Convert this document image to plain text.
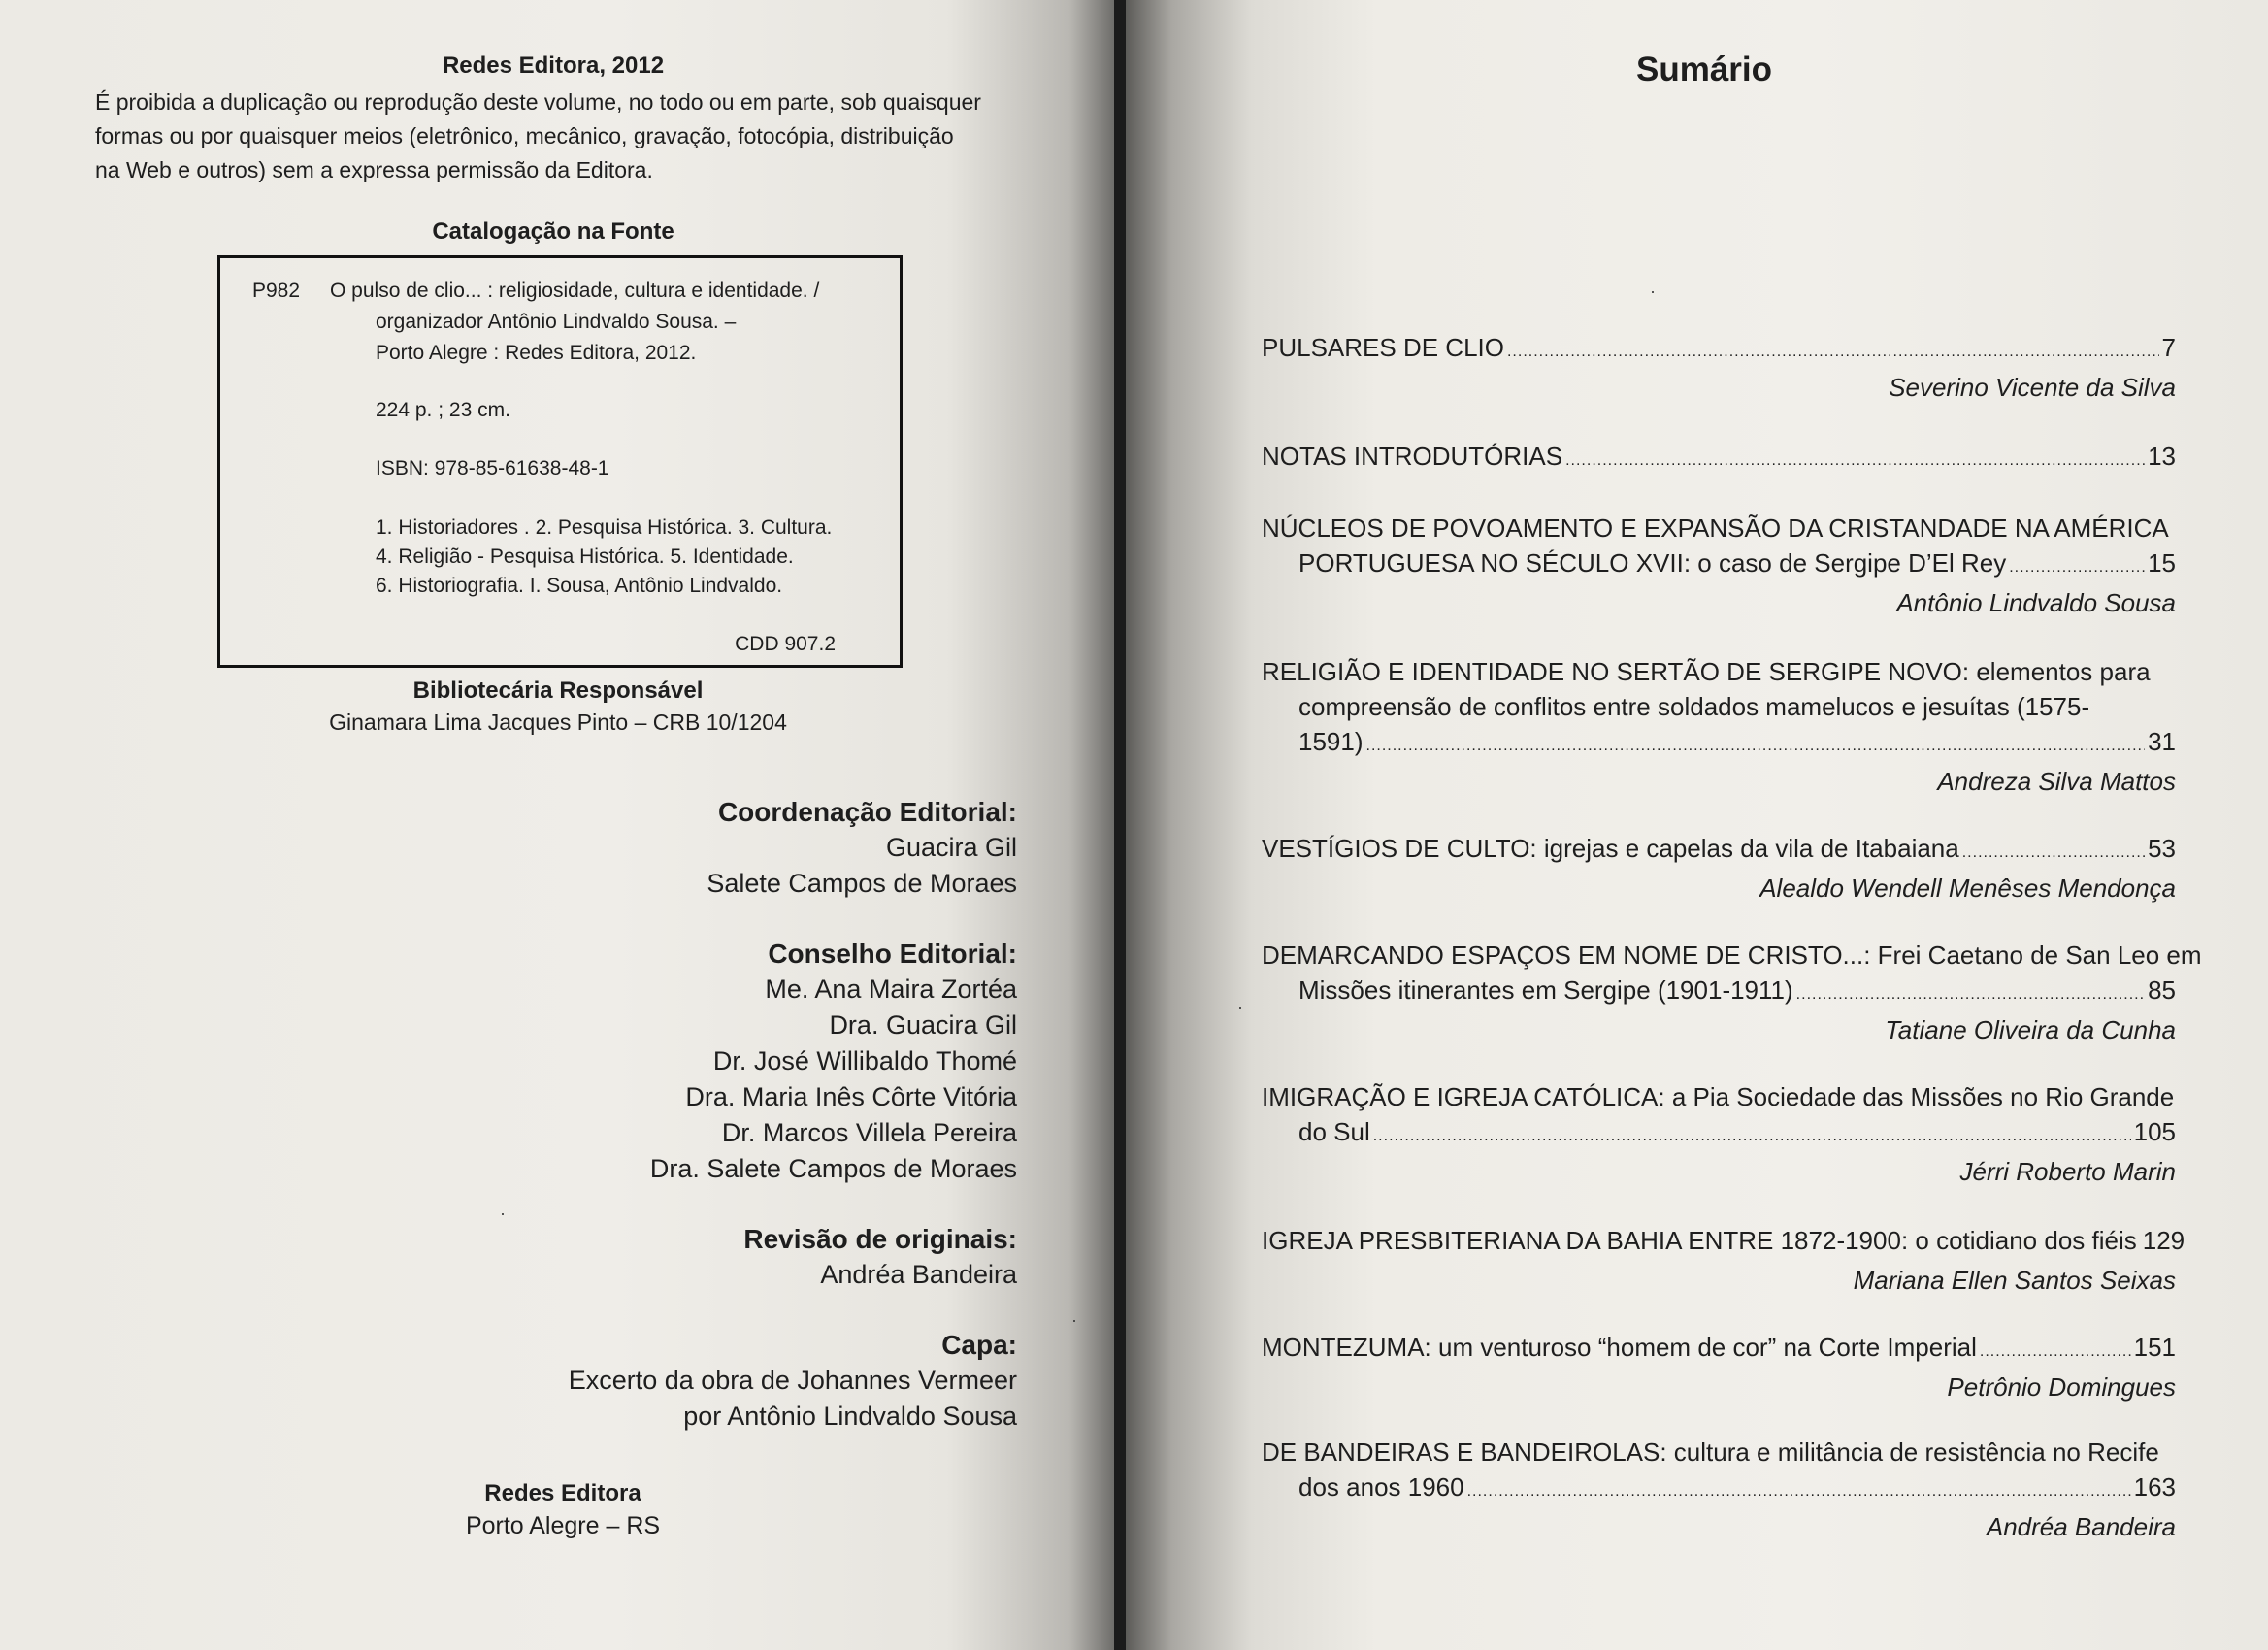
Redes Editora, 2012
É proibida a duplicação ou reprodução deste volume, no todo ou em parte, sob quaisquer
formas ou por quaisquer meios (eletrônico, mecânico, gravação, fotocópia, distribuição
na Web e outros) sem a expressa permissão da Editora.
Catalogação na Fonte
P982 O pulso de clio... : religiosidade, cultura e identidade. /
organizador Antônio Lindvaldo Sousa. –
Porto Alegre : Redes Editora, 2012.
224 p. ; 23 cm.
ISBN: 978-85-61638-48-1
1. Historiadores . 2. Pesquisa Histórica. 3. Cultura.
4. Religião - Pesquisa Histórica. 5. Identidade.
6. Historiografia. I. Sousa, Antônio Lindvaldo.
CDD 907.2
Bibliotecária Responsável
Ginamara Lima Jacques Pinto – CRB 10/1204
Coordenação Editorial:
Guacira Gil
Salete Campos de Moraes
Conselho Editorial:
Me. Ana Maira Zortéa
Dra. Guacira Gil
Dr. José Willibaldo Thomé
Dra. Maria Inês Côrte Vitória
Dr. Marcos Villela Pereira
Dra. Salete Campos de Moraes
Revisão de originais:
Andréa Bandeira
Capa:
Excerto da obra de Johannes Vermeer
por Antônio Lindvaldo Sousa
Redes Editora
Porto Alegre – RS
·
·
·
·
Sumário
PULSARES DE CLIO .....	7
Severino Vicente da Silva
NOTAS INTRODUTÓRIAS .....	13
NÚCLEOS DE POVOAMENTO E EXPANSÃO DA CRISTANDADE NA AMÉRICA
PORTUGUESA NO SÉCULO XVII: o caso de Sergipe D’El Rey .....	15
Antônio Lindvaldo Sousa
RELIGIÃO E IDENTIDADE NO SERTÃO DE SERGIPE NOVO: elementos para
compreensão de conflitos entre soldados mamelucos e jesuítas (1575-
1591) .....	31
Andreza Silva Mattos
VESTÍGIOS DE CULTO: igrejas e capelas da vila de Itabaiana .....	53
Alealdo Wendell Menêses Mendonça
DEMARCANDO ESPAÇOS EM NOME DE CRISTO...: Frei Caetano de San Leo em
Missões itinerantes em Sergipe (1901-1911) .....	85
Tatiane Oliveira da Cunha
IMIGRAÇÃO E IGREJA CATÓLICA: a Pia Sociedade das Missões no Rio Grande
do Sul .....	105
Jérri Roberto Marin
IGREJA PRESBITERIANA DA BAHIA ENTRE 1872-1900: o cotidiano dos fiéis 129
Mariana Ellen Santos Seixas
MONTEZUMA: um venturoso “homem de cor” na Corte Imperial .....	151
Petrônio Domingues
DE BANDEIRAS E BANDEIROLAS: cultura e militância de resistência no Recife
dos anos 1960 .....	163
Andréa Bandeira
